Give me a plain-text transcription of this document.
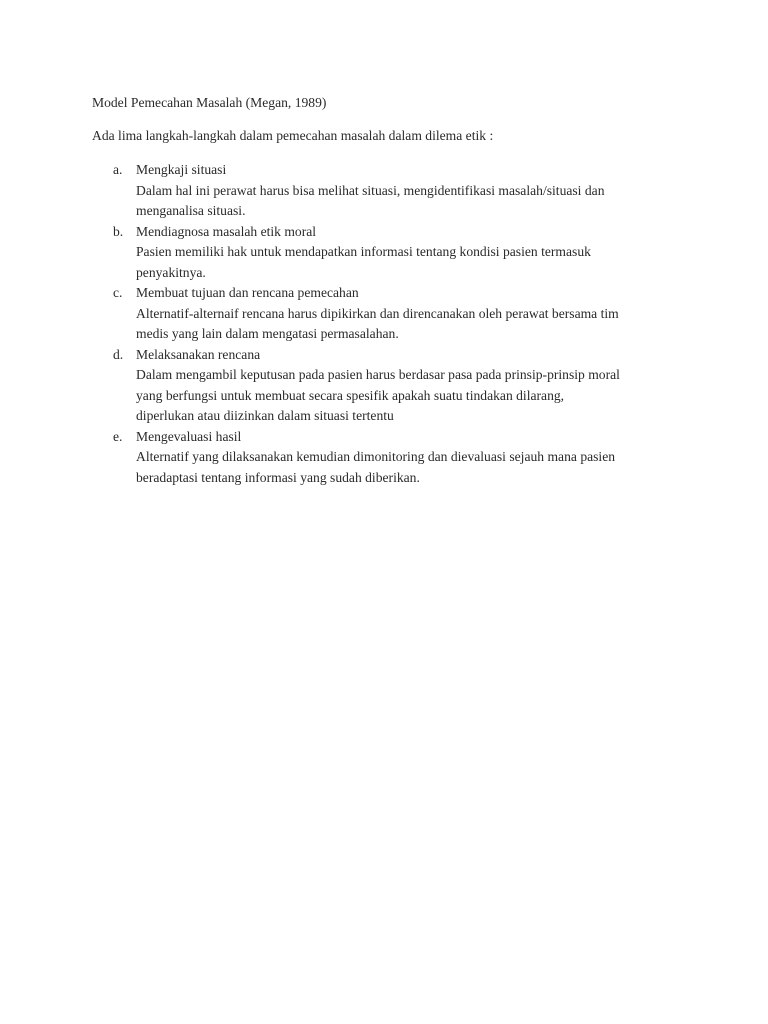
Model Pemecahan Masalah (Megan, 1989)
Ada lima langkah-langkah dalam pemecahan masalah dalam dilema etik :
a. Mengkaji situasi
Dalam hal ini perawat harus bisa melihat situasi, mengidentifikasi masalah/situasi dan
menganalisa situasi.
b. Mendiagnosa masalah etik moral
Pasien memiliki hak untuk mendapatkan informasi tentang kondisi pasien termasuk
penyakitnya.
c. Membuat tujuan dan rencana pemecahan
Alternatif-alternaif rencana harus dipikirkan dan direncanakan oleh perawat bersama tim
medis yang lain dalam mengatasi permasalahan.
d. Melaksanakan rencana
Dalam mengambil keputusan pada pasien harus berdasar pasa pada prinsip-prinsip moral
yang berfungsi untuk membuat secara spesifik apakah suatu tindakan dilarang,
diperlukan atau diizinkan dalam situasi tertentu
e. Mengevaluasi hasil
Alternatif yang dilaksanakan kemudian dimonitoring dan dievaluasi sejauh mana pasien
beradaptasi tentang informasi yang sudah diberikan.
